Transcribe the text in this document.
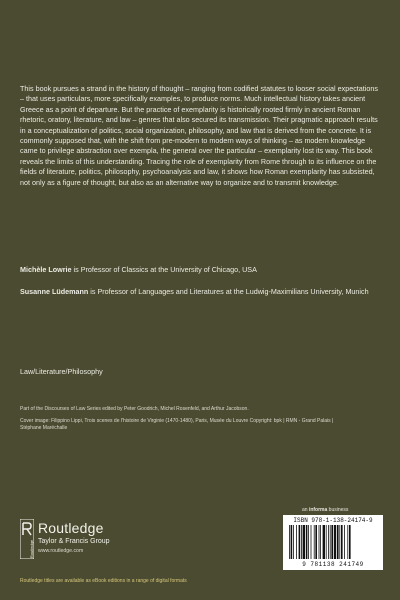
This book pursues a strand in the history of thought – ranging from codified statutes to looser social expectations – that uses particulars, more specifically examples, to produce norms. Much intellectual history takes ancient Greece as a point of departure. But the practice of exemplarity is historically rooted firmly in ancient Roman rhetoric, oratory, literature, and law – genres that also secured its transmission. Their pragmatic approach results in a conceptualization of politics, social organization, philosophy, and law that is derived from the concrete. It is commonly supposed that, with the shift from pre-modern to modern ways of thinking – as modern knowledge came to privilege abstraction over exempla, the general over the particular – exemplarity lost its way. This book reveals the limits of this understanding. Tracing the role of exemplarity from Rome through to its influence on the fields of literature, politics, philosophy, psychoanalysis and law, it shows how Roman exemplarity has subsisted, not only as a figure of thought, but also as an alternative way to organize and to transmit knowledge.

Michèle Lowrie is Professor of Classics at the University of Chicago, USA

Susanne Lüdemann is Professor of Languages and Literatures at the Ludwig-Maximilians University, Munich

Law/Literature/Philosophy
Part of the Discourses of Law Series edited by Peter Goodrich, Michel Rosenfeld, and Arthur Jacobson.
Cover image: Filippino Lippi, Trois scenes de l'histoire de Virginie (1470-1480), Paris, Musée du Louvre Copyright: bpk | RMN - Grand Palais | Stéphane Maréchalle
an informa business
Routledge
Routledge
Taylor & Francis Group
www.routledge.com
Routledge titles are available as eBook editions in a range of digital formats
ISBN 978-1-138-24174-9
9 781138 241749
